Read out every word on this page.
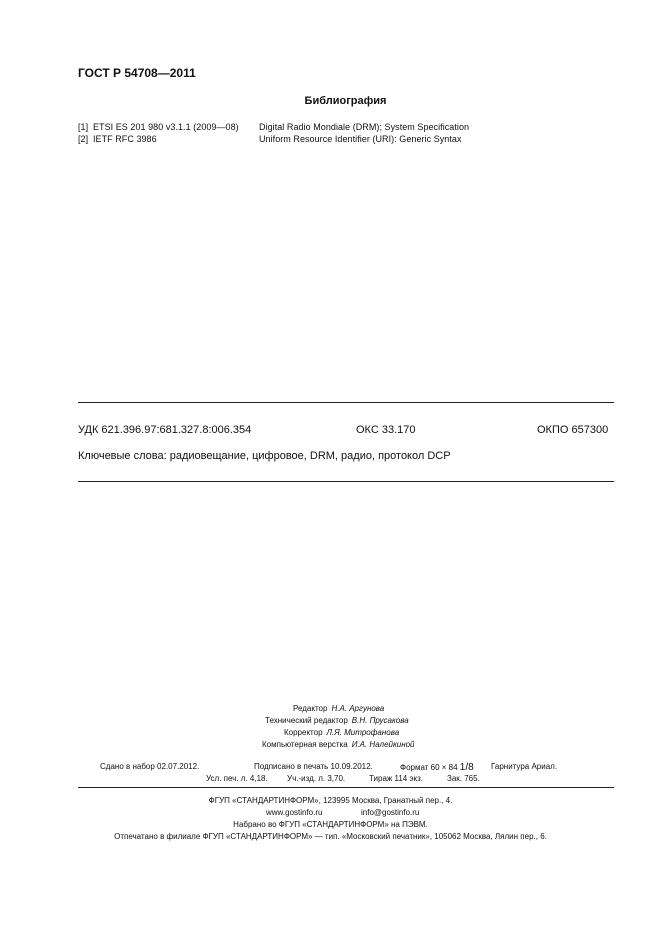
ГОСТ Р 54708—2011
Библиография
[1] ETSI ES 201 980 v3.1.1 (2009—08) Digital Radio Mondiale (DRM); System Specification
[2] IETF RFC 3986	Uniform Resource Identifier (URI): Generic Syntax
УДК 621.396.97:681.327.8:006.354	ОКС 33.170	ОКПО 657300
Ключевые слова: радиовещание, цифровое, DRM, радио, протокол DCP
Редактор Н.А. Аргунова
Технический редактор В.Н. Прусакова
Корректор Л.Я. Митрофанова
Компьютерная верстка И.А. Налейкиной
Сдано в набор 02.07.2012.	Подписано в печать 10.09.2012.	Формат 60 × 84 1/8 Гарнитура Ариал.
Усл. печ. л. 4,18. Уч.-изд. л. 3,70.	Тираж 114 экз.	Зак. 765.
ФГУП «СТАНДАРТИНФОРМ», 123995 Москва, Гранатный пер., 4.
www.gostinfo.ru	info@gostinfo.ru
Набрано во ФГУП «СТАНДАРТИНФОРМ» на ПЭВМ.
Отпечатано в филиале ФГУП «СТАНДАРТИНФОРМ» — тип. «Московский печатник», 105062 Москва, Лялин пер., 6.
